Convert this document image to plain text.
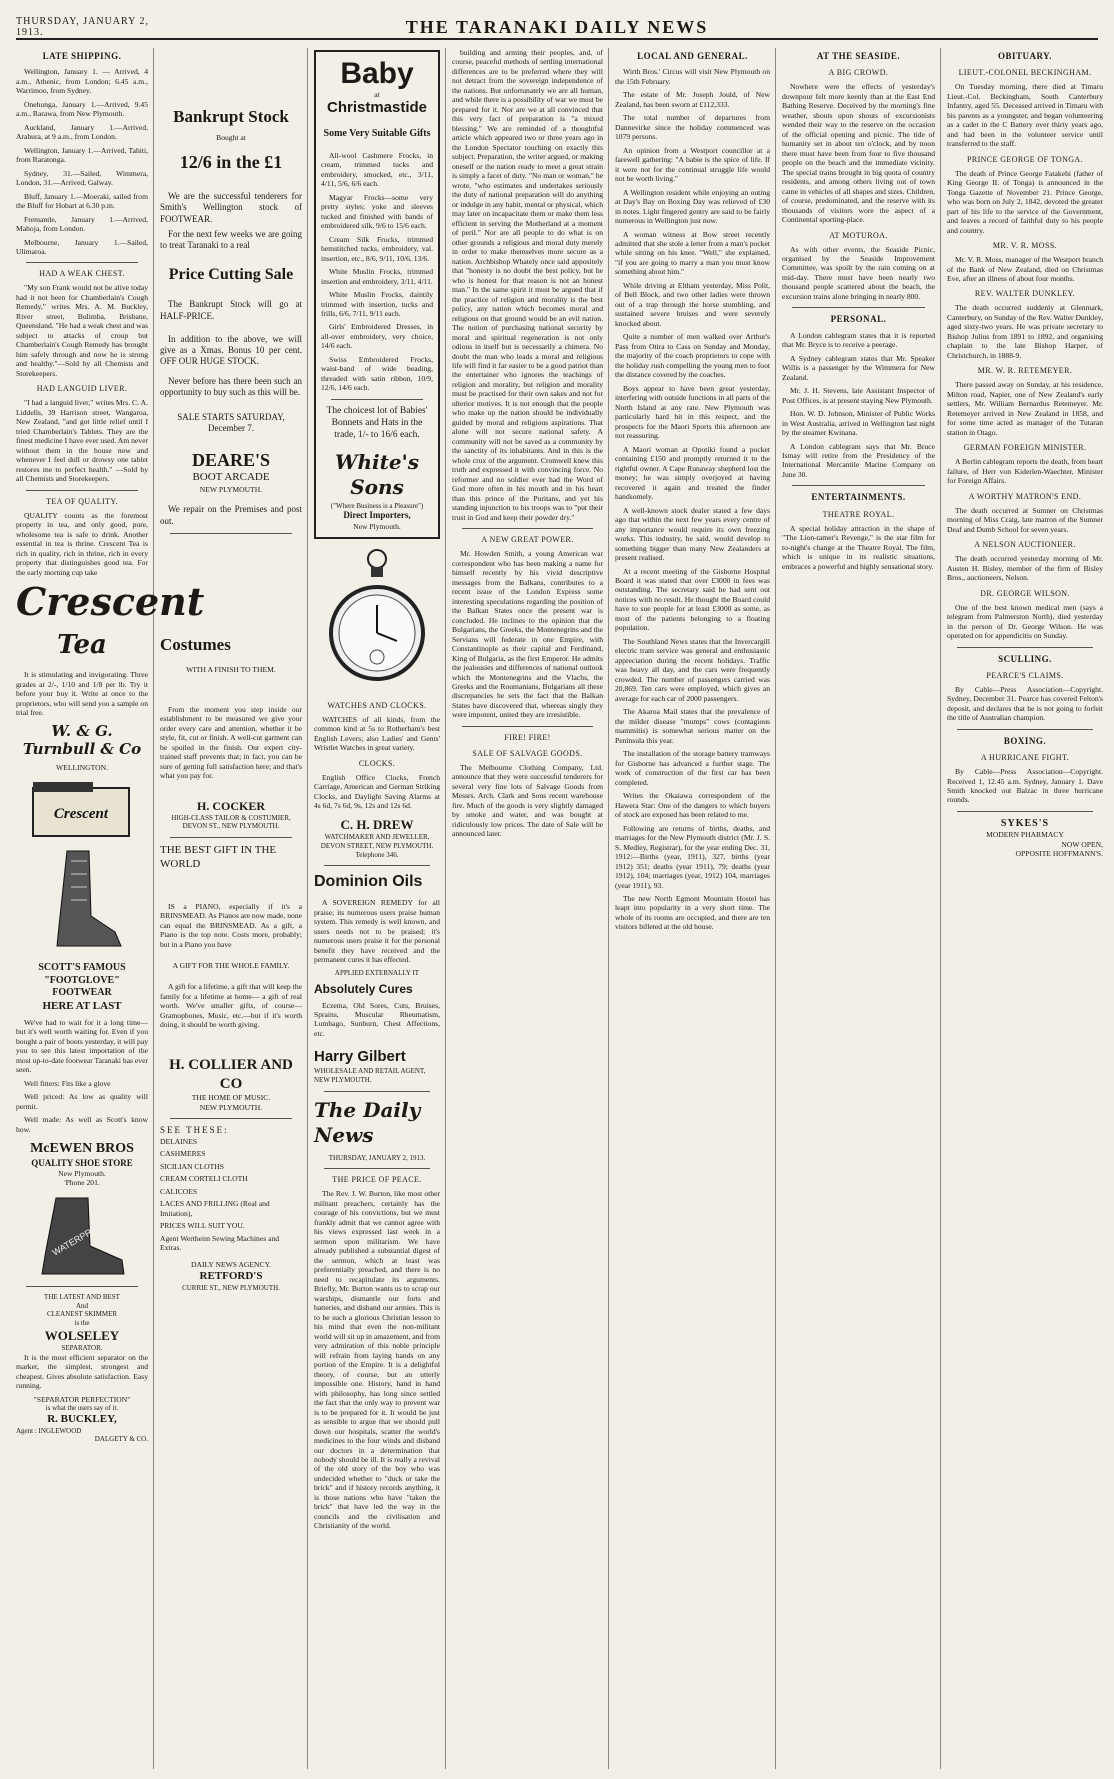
THURSDAY, JANUARY 2, 1913.	THE TARANAKI DAILY NEWS
LATE SHIPPING.

Wellington, January 1. — Arrived, 4 a.m., Athenic, from London; 6.45 a.m., Warrimoo, from Sydney.

Onehunga, January 1.—Arrived, 9.45 a.m., Rarawa, from New Plymouth.

Auckland, January 1.—Arrived, Arahura, at 9 a.m., from London.

Wellington, January 1.—Arrived, Tahiti, from Raratonga.

Sydney, 31.—Sailed, Wimmera, London, 31.—Arrived, Galway.

Bluff, January 1.—Moeraki, sailed from the Bluff for Hobart at 6.30 p.m.

Fremantle, January 1.—Arrived, Mahoja, from London.

Melbourne, January 1.—Sailed, Ulimaroa.

HAD A WEAK CHEST.

"My son Frank would not be alive today had it not been for Chamberlain's Cough Remedy," writes Mrs. A. M. Buckley, River street, Bulimba, Brisbane, Queensland. "He had a weak chest and was subject to attacks of croup but Chamberlain's Cough Remedy has brought him safely through and now he is strong and healthy."—Sold by all Chemists and Storekeepers.

HAD LANGUID LIVER.

"I had a languid liver," writes Mrs. C. A. Liddells, 39 Harrison street, Wangaroa, New Zealand, "and got little relief until I tried Chamberlain's Tablets. They are the finest medicine I have ever used. Am never without them in the house now and whenever I feel dull or drowsy one tablet restores me to perfect health." —Sold by all Chemists and Storekeepers.

TEA OF QUALITY.

QUALITY counts as the foremost property in tea, and only good, pure, wholesome tea is safe to drink. Another essential in tea is thrine. Crescent Tea is rich in quality, rich in thrine, rich in every property that distinguishes good tea. For the early morning cup take

Crescent
Tea

It is stimulating and invigorating. Three grades at 2/-, 1/10 and 1/8 per lb. Try it before your buy it. Write at once to the proprietors, who will send you a sample on trial free.

W. & G. Turnbull & Co
WELLINGTON.
Crescent
SCOTT'S FAMOUS
"FOOTGLOVE"
FOOTWEAR
HERE AT LAST

We've had to wait for it a long time—but it's well worth waiting for. Even if you bought a pair of boots yesterday, it will pay you to see this latest importation of the most up-to-date footwear Taranaki has ever seen.

Well fitters: Fits like a glove

Well priced: As low as quality will permit.

Well made: As well as Scott's know how.

McEWEN BROS
QUALITY SHOE STORE
New Plymouth.
'Phone 201.
WATERPROOF
THE LATEST AND BEST
And
CLEANEST SKIMMER
is the
WOLSELEY
SEPARATOR.

It is the most efficient separator on the market, the simplest, strongest and cheapest. Gives absolute satisfaction. Easy running.

"SEPARATOR PERFECTION"
is what the users say of it.
R. BUCKLEY,
Agent : INGLEWOOD
DALGETY & CO.
Bankrupt Stock
Bought at
12/6 in the £1

We are the successful tenderers for Smith's Wellington stock of FOOTWEAR.

For the next few weeks we are going to treat Taranaki to a real

Price Cutting Sale

The Bankrupt Stock will go at HALF-PRICE.

In addition to the above, we will give as a Xmas. Bonus 10 per cent. OFF OUR HUGE STOCK.

Never before has there been such an opportunity to buy such as this will be.

SALE STARTS SATURDAY, December 7.
DEARE'S
BOOT ARCADE
NEW PLYMOUTH.

We repair on the Premises and post out.

Costumes
WITH A FINISH TO THEM.

From the moment you step inside our establishment to be measured we give your order every care and attention, whether it be style, fit, cut or finish. A well-cut garment can be spoiled in the finish. Our expert city-trained staff prevents that; in fact, you can be sure of getting full satisfaction here; and that's what you pay for.

H. COCKER
HIGH-CLASS TAILOR & COSTUMIER, DEVON ST., NEW PLYMOUTH.
THE BEST GIFT IN THE WORLD

IS a PIANO, especially if it's a BRINSMEAD. As Pianos are now made, none can equal the BRINSMEAD. As a gift, a Piano is the top note. Costs more, probably; but in a Piano you have

A GIFT FOR THE WHOLE FAMILY.

A gift for a lifetime, a gift that will keep the family for a lifetime at home— a gift of real worth. We've smaller gifts, of course—Gramophones, Music, etc.—but if it's worth doing, it should be worth giving.

H. COLLIER AND CO
THE HOME OF MUSIC.
NEW PLYMOUTH.
SEE THESE:
DELAINES
CASHMERES
SICILIAN CLOTHS
CREAM CORTELI CLOTH
CALICOES
LACES AND FRILLING (Real and Imitation),
PRICES WILL SUIT YOU.
Agent Wertheim Sewing Machines and Extras.
DAILY NEWS AGENCY.
RETFORD'S
CURRIE ST., NEW PLYMOUTH.
Baby
at
Christmastide
Some Very Suitable Gifts

All-wool Cashmere Frocks, in cream, trimmed tucks and embroidery, smocked, etc., 3/11, 4/11, 5/6, 6/6 each.

Magyar Frocks—some very pretty styles; yoke and sleeves tucked and finished with bands of embroidered silk, 9/6 to 15/6 each.

Cream Silk Frocks, trimmed hemstitched tucks, embroidery, val. insertion, etc., 8/6, 9/11, 10/6, 13/6.

White Muslin Frocks, trimmed insertion and embroidery, 3/11, 4/11.

White Muslin Frocks, daintily trimmed with insertion, tucks and frills, 6/6, 7/11, 9/11 each.

Girls' Embroidered Dresses, in all-over embroidery, very choice, 14/6 each.

Swiss Embroidered Frocks, waist-band of wide beading, threaded with satin ribbon, 10/9, 12/6, 14/6 each.

The choicest lot of Babies' Bonnets and Hats in the trade, 1/- to 16/6 each.
White's Sons
("Where Business is a Pleasure")
Direct Importers,
New Plymouth.
WATCHES AND CLOCKS.

WATCHES of all kinds, from the common kind at 5s to Rotherham's best English Levers; also Ladies' and Gents' Wristlet Watches in great variety.

CLOCKS.

English Office Clocks, French Carriage, American and German Striking Clocks, and Daylight Saving Alarms at 4s 6d, 7s 6d, 9s, 12s and 12s 6d.

C. H. DREW
WATCHMAKER AND JEWELLER, DEVON STREET, NEW PLYMOUTH. Telephone 346.
Dominion Oils

A SOVEREIGN REMEDY for all praise; its numerous users praise human system. This remedy is well known, and users needs not to be praised; it's numerous users praise it for the personal benefit they have received and the permanent cures it has effected.

APPLIED EXTERNALLY IT
Absolutely Cures

Eczema, Old Sores, Cuts, Bruises, Sprains, Muscular Rheumatism, Lumbago, Sunburn, Chest Affections, etc.

Harry Gilbert
WHOLESALE AND RETAIL AGENT, NEW PLYMOUTH.
The Daily News
THURSDAY, JANUARY 2, 1913.
THE PRICE OF PEACE.

The Rev. J. W. Burton, like most other militant preachers, certainly has the courage of his convictions, but we must frankly admit that we cannot agree with his views expressed last week in a sermon upon militarism. We have already published a substantial digest of the sermon, which at least was preferentially preached, and there is no need to recapitulate its arguments. Briefly, Mr. Burton wants us to scrap our warships, dismantle our forts and batteries, and disband our armies. This is to be such a glorious Christian lesson to his mind that even the non-militant world will sit up in amazement, and from very admiration of this noble principle will refrain from laying hands on any portion of the Empire. It is a delightful theory, of course, but an utterly impossible one. History, hand in hand with philosophy, has long since settled the fact that the only way to prevent war is to be prepared for it. It would be just as sensible to argue that we should pull down our hospitals, scatter the world's medicines to the four winds and disband our doctors in a determination that nobody should be ill. It is really a revival of the old story of the boy who was undecided whether to "duck or take the brick" and if history records anything, it is those nations who have "taken the brick" that have led the way in the councils and the civilisation and Christianity of the world.

building and arming their peoples, and, of course, peaceful methods of settling international differences are to be preferred where they will not detract from the sovereign independence of the nations. But unfortunately we are all human, and while there is a possibility of war we must be prepared for it. Nor are we at all convinced that this very fact of preparation is "a mixed blessing." We are reminded of a thoughtful article which appeared two or three years ago in the London Spectator touching on exactly this subject. Preparation, the writer argued, or making oneself or the nation ready to meet a great strain is simply a facet of duty. "No man or woman," he wrote, "who estimates and undertakes seriously the duty of national preparation will do anything or indulge in any habit, mental or physical, which may later on incapacitate them or make them less efficient in serving the Motherland at a moment of peril." Nor are all people to do what is on other grounds a religious and moral duty merely in order to make themselves more secure as a nation. Archbishop Whately once said appositely that "honesty is no doubt the best policy, but he who is honest for that reason is not an honest man." In the same spirit it must be argued that if the practice of religion and morality is the best policy, any nation which becomes moral and religious on that ground would be an evil nation. The notion of purchasing national security by moral and spiritual regeneration is not only odious in itself but is necessarily a chimera. No doubt the man who leads a moral and religious life will find it far easier to be a good patriot than the entertainer who ignores the teachings of religion and morality, but religion and morality must be practised for their own sakes and not for ulterior motives. It is not enough that the people who make up the nation should be individually guided by moral and religious aspirations. That alone will not secure national safety. A community will not be saved as a community by the sanctity of its inhabitants. And in this is the whole crux of the argument. Cromwell knew this truth and expressed it with convincing force. No reformer and no soldier ever had the Word of God more often in his mouth and in his heart than this prince of the Puritans, and yet his standing injunction to his troops was to "put their trust in God and keep their powder dry."

A NEW GREAT POWER.

Mr. Howden Smith, a young American war correspondent who has been making a name for himself recently by his vivid descriptive messages from the Balkans, contributes to a recent issue of the London Express some interesting speculations regarding the position of the Balkan States once the present war is concluded. He inclines to the opinion that the Bulgarians, the Greeks, the Montenegrins and the Servians will federate in one Empire, with Constantinople as their capital and Ferdinand, King of Bulgaria, as the first Emperor. He admits the jealousies and differences of national outlook which the Montenegrins and the Vlachs, the Greeks and the Roumanians, Bulgarians all these discrepancies he sets the fact that the Balkan States have discovered that, whereas singly they were impotent, united they are irresistible.

FIRE! FIRE!
SALE OF SALVAGE GOODS.

The Melbourne Clothing Company, Ltd. announce that they were successful tenderers for several very fine lots of Salvage Goods from Messrs. Arch. Clark and Sons recent warehouse fire. Much of the goods is very slightly damaged by smoke and water, and was bought at ridiculously low prices. The date of Sale will be announced later.

LOCAL AND GENERAL.

Wirth Bros.' Circus will visit New Plymouth on the 15th February.

The estate of Mr. Joseph Jould, of New Zealand, has been sworn at £112,333.

The total number of departures from Dannevirke since the holiday commenced was 1079 persons.

An opinion from a Westport councillor at a farewell gathering: "A babie is the spice of life. If it were not for the continual struggle life would not be worth living."

A Wellington resident while enjoying an outing at Day's Bay on Boxing Day was relieved of £30 in notes. Light fingered gentry are said to be fairly numerous in Wellington just now.

A woman witness at Bow street recently admitted that she stole a letter from a man's pocket while sitting on his knee. "Well," she explained, "if you are going to marry a man you must know something about him."

While driving at Eltham yesterday, Miss Polit, of Bell Block, and two other ladies were thrown out of a trap through the horse stumbling, and sustained severe bruises and were severely knocked about.

Quite a number of men walked over Arthur's Pass from Otira to Cass on Sunday and Monday, the majority of the coach proprietors to cope with the holiday rush compelling the young men to foot the distance covered by the coaches.

Boys appear to have been great yesterday, interfering with outside functions in all parts of the North Island at any rate. New Plymouth was particularly hard hit in this respect, and the prospects for the Maori Sports this afternoon are not reassuring.

A Maori woman at Opotiki found a pocket containing £150 and promptly returned it to the rightful owner. A Cape Runaway shepherd lost the money; he was simply overjoyed at having recovered it again and treated the finder handsomely.

A well-known stock dealer stated a few days ago that within the next few years every centre of any importance would require its own freezing works. This industry, he said, would develop to something bigger than many New Zealanders at present realised.

At a recent meeting of the Gisborne Hospital Board it was stated that over £3000 in fees was outstanding. The secretary said he had sent out notices with no result. He thought the Board could have to sue people for at least £3000 as some, as most of the patients belonging to a floating population.

The Southland News states that the Invercargill electric tram service was general and enthusiastic appreciation during the recent holidays. Traffic was heavy all day, and the cars were frequently crowded. The number of passengers carried was 20,869. Ten cars were employed, which gives an average for each car of 2000 passengers.

The Akaroa Mail states that the prevalence of the milder disease "mumps" cows (contagious mammitis) is somewhat serious matter on the Peninsula this year.

The installation of the storage battery tramways for Gisborne has advanced a further stage. The work of construction of the first car has been completed.

Writes the Okaiawa correspondent of the Hawera Star: One of the dangers to which buyers of stock are exposed has been related to me.

Following are returns of births, deaths, and marriages for the New Plymouth district (Mr. J. S. S. Medley, Registrar), for the year ending Dec. 31, 1912:—Births (year, 1911), 327, births (year 1912) 351; deaths (year 1911), 79; deaths (year 1912), 104; marriages (year, 1912) 104, marriages (year 1911), 93.

The new North Egmont Mountain Hostel has leapt into popularity in a very short time. The whole of its rooms are occupied, and there are ten visitors billeted at the old house.

AT THE SEASIDE.
A BIG CROWD.

Nowhere were the effects of yesterday's downpour felt more keenly than at the East End Bathing Reserve. Deceived by the morning's fine weather, shouts upon shouts of excursionists wended their way to the reserve on the occasion of the official opening and picnic. The tide of humanity set in about ten o'clock, and by noon there must have been from four to five thousand people on the beach and the immediate vicinity. The special trains brought in big quota of country residents, and among others living out of town came in vehicles of all shapes and sizes. Children, of course, predominated, and the reserve with its thousands of visitors wore the aspect of a Continental sporting-place.

AT MOTUROA.

As with other events, the Seaside Picnic, organised by the Seaside Improvement Committee, was spoilt by the rain coming on at mid-day. There must have been nearly two thousand people scattered about the beach, the excursion trains alone bringing in nearly 800.

PERSONAL.

A London cablegram states that it is reported that Mr. Bryce is to receive a peerage.

A Sydney cablegram states that Mr. Speaker Willis is a passenger by the Wimmera for New Zealand.

Mr. J. H. Stevens, late Assistant Inspector of Post Offices, is at present staying New Plymouth.

Hon. W. D. Johnson, Minister of Public Works in West Australia, arrived in Wellington last night by the steamer Kwinana.

A London cablegram says that Mr. Bruce Ismay will retire from the Presidency of the International Mercantile Marine Company on June 30.

ENTERTAINMENTS.
THEATRE ROYAL.

A special holiday attraction in the shape of "The Lion-tamer's Revenge," is the star film for to-night's change at the Theatre Royal. The film, which is unique in its realistic situations, embraces a powerful and highly sensational story.

OBITUARY.
LIEUT.-COLONEL BECKINGHAM.

On Tuesday morning, there died at Timaru Lieut.-Col. Beckingham, South Canterbury Infantry, aged 55. Deceased arrived in Timaru with his parents as a youngster, and began volunteering as a cadet in the C Battery over thirty years ago, and had been in the volunteer service until transferred to the staff.

PRINCE GEORGE OF TONGA.

The death of Prince George Fatakehi (father of King George II. of Tonga) is announced in the Tonga Gazette of November 21. Prince George, who was born on July 2, 1842, devoted the greater part of his life to the service of the Government, and leaves a record of faithful duty to his people and country.

MR. V. R. MOSS.

Mr. V. R. Moss, manager of the Westport branch of the Bank of New Zealand, died on Christmas Eve, after an illness of about four months.

REV. WALTER DUNKLEY.

The death occurred suddenly at Glenmark, Canterbury, on Sunday of the Rev. Walter Dunkley, aged sixty-two years. He was private secretary to Bishop Julius from 1891 to 1892, and organising chaplain to the late Bishop Harper, of Christchurch, in 1888-9.

MR. W. R. RETEMEYER.

There passed away on Sunday, at his residence, Milton road, Napier, one of New Zealand's early settlers, Mr. William Bernardus Retemeyer. Mr. Retemeyer arrived in New Zealand in 1858, and for some time acted as manager of the Tutaran station in Otago.

GERMAN FOREIGN MINISTER.

A Berlin cablegram reports the death, from heart failure, of Herr von Kiderlen-Waechter, Minister for Foreign Affairs.

A WORTHY MATRON'S END.

The death occurred at Sumner on Christmas morning of Miss Craig, late matron of the Sumner Deaf and Dumb School for seven years.

A NELSON AUCTIONEER.

The death occurred yesterday morning of Mr. Austen H. Bisley, member of the firm of Bisley Bros., auctioneers, Nelson.

DR. GEORGE WILSON.

One of the best known medical men (says a telegram from Palmerston North), died yesterday in the person of Dr. George Wilson. He was operated on for appendicitis on Sunday.

SCULLING.
PEARCE'S CLAIMS.

By Cable—Press Association—Copyright. Sydney, December 31. Pearce has covered Felton's deposit, and declares that he is not going to forfeit the title of Australian champion.

BOXING.
A HURRICANE FIGHT.

By Cable—Press Association—Copyright. Received 1, 12.45 a.m. Sydney, January 1. Dave Smith knocked out Balzac in three hurricane rounds.

SYKES'S
MODERN PHARMACY
NOW OPEN,
OPPOSITE HOFFMANN'S.
